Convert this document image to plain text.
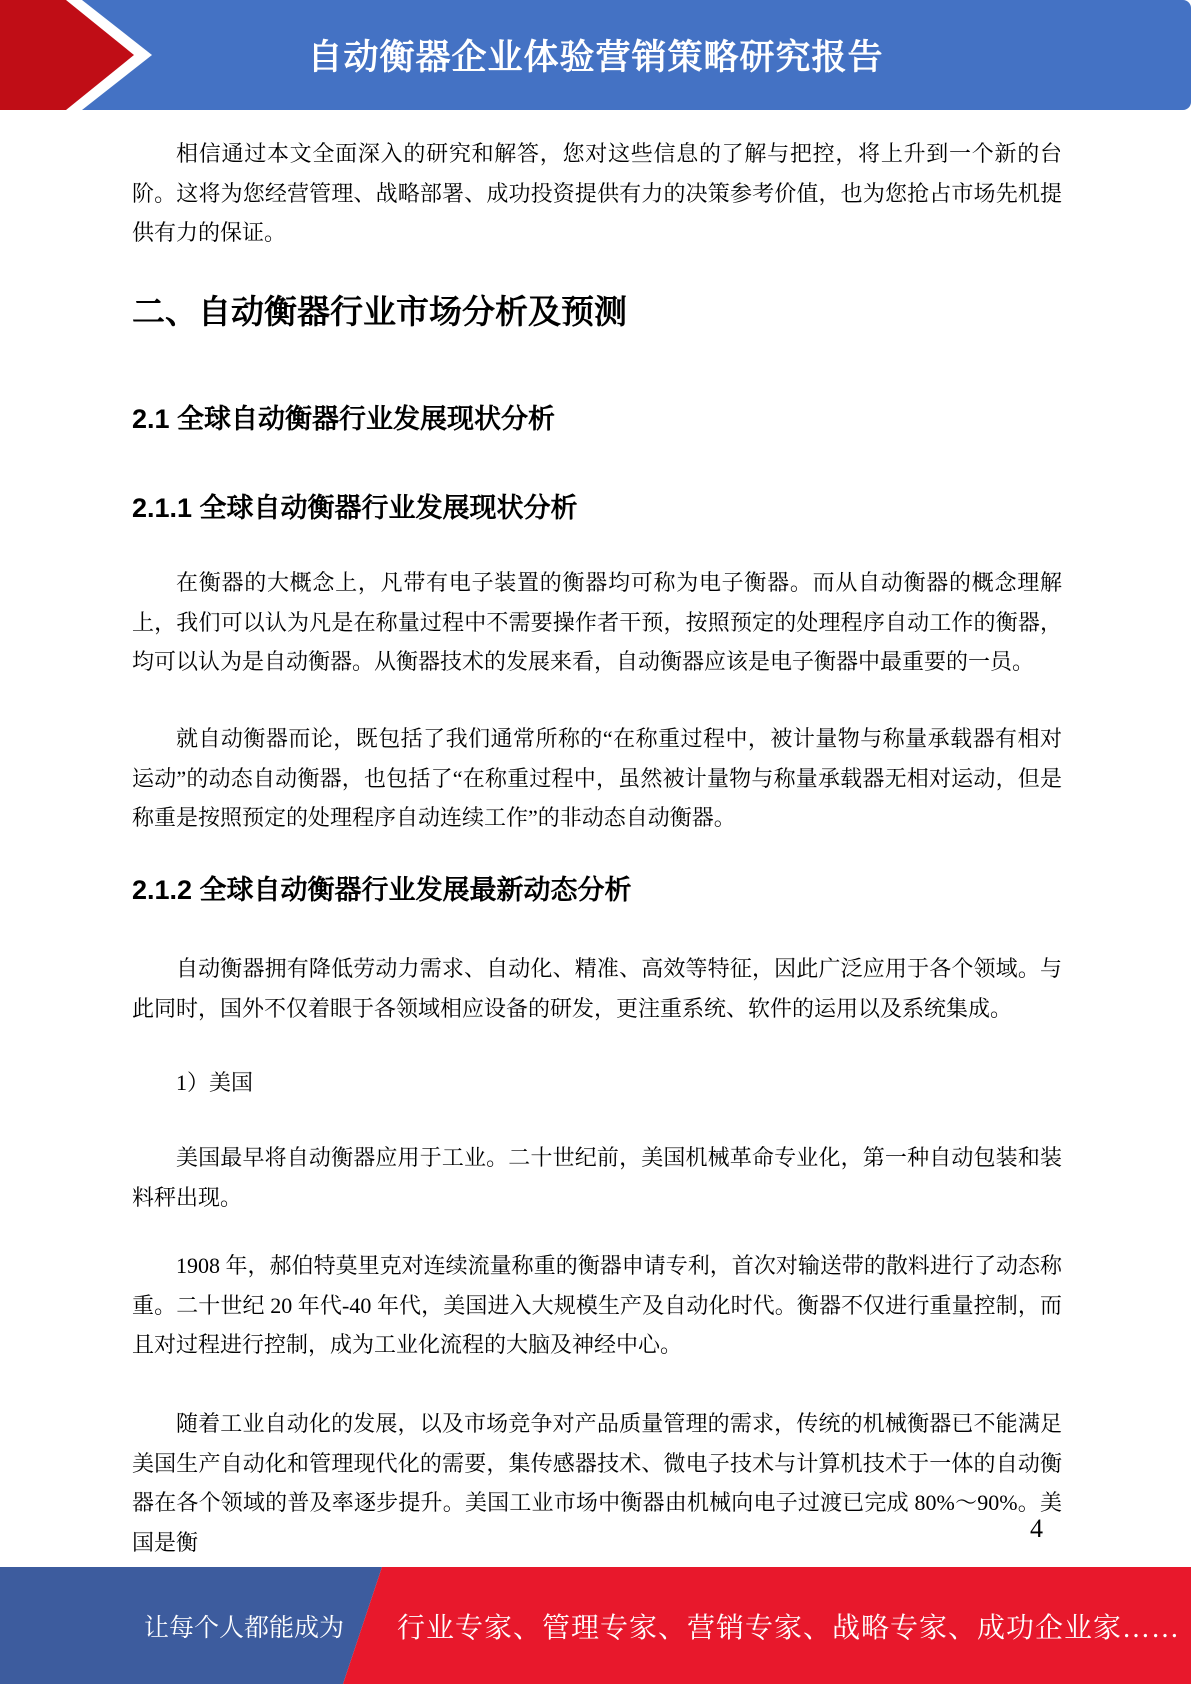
自动衡器企业体验营销策略研究报告

相信通过本文全面深入的研究和解答，您对这些信息的了解与把控，将上升到一个新的台阶。这将为您经营管理、战略部署、成功投资提供有力的决策参考价值，也为您抢占市场先机提供有力的保证。

二、自动衡器行业市场分析及预测
2.1 全球自动衡器行业发展现状分析
2.1.1 全球自动衡器行业发展现状分析

在衡器的大概念上，凡带有电子装置的衡器均可称为电子衡器。而从自动衡器的概念理解上，我们可以认为凡是在称量过程中不需要操作者干预，按照预定的处理程序自动工作的衡器，均可以认为是自动衡器。从衡器技术的发展来看，自动衡器应该是电子衡器中最重要的一员。

就自动衡器而论，既包括了我们通常所称的“在称重过程中，被计量物与称量承载器有相对运动”的动态自动衡器，也包括了“在称重过程中，虽然被计量物与称量承载器无相对运动，但是称重是按照预定的处理程序自动连续工作”的非动态自动衡器。

2.1.2 全球自动衡器行业发展最新动态分析

自动衡器拥有降低劳动力需求、自动化、精准、高效等特征，因此广泛应用于各个领域。与此同时，国外不仅着眼于各领域相应设备的研发，更注重系统、软件的运用以及系统集成。

1）美国

美国最早将自动衡器应用于工业。二十世纪前，美国机械革命专业化，第一种自动包装和装料秤出现。

1908 年，郝伯特莫里克对连续流量称重的衡器申请专利，首次对输送带的散料进行了动态称重。二十世纪 20 年代-40 年代，美国进入大规模生产及自动化时代。衡器不仅进行重量控制，而且对过程进行控制，成为工业化流程的大脑及神经中心。

随着工业自动化的发展，以及市场竞争对产品质量管理的需求，传统的机械衡器已不能满足美国生产自动化和管理现代化的需要，集传感器技术、微电子技术与计算机技术于一体的自动衡器在各个领域的普及率逐步提升。美国工业市场中衡器由机械向电子过渡已完成 80%～90%。美国是衡	4
让每个人都能成为 行业专家、管理专家、营销专家、战略专家、成功企业家……
